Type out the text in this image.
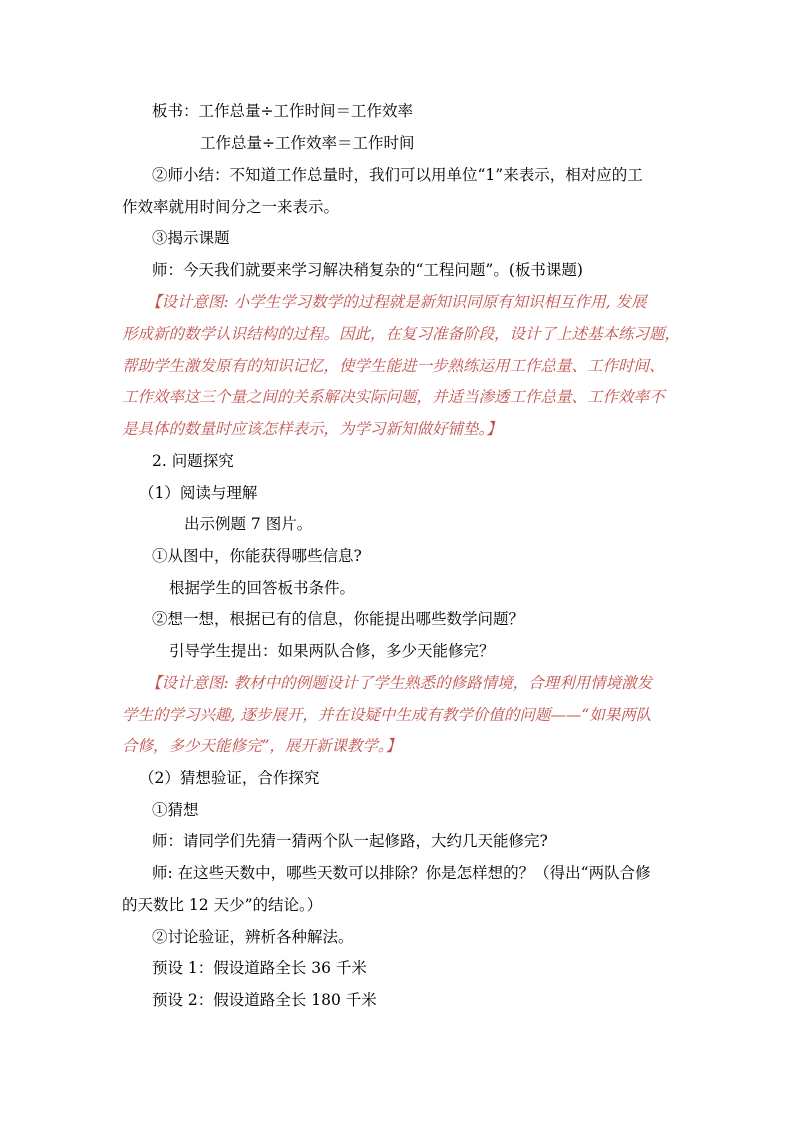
板书：工作总量÷工作时间＝工作效率
工作总量÷工作效率＝工作时间
②师小结：不知道工作总量时，我们可以用单位“1”来表示，相对应的工
作效率就用时间分之一来表示。
③揭示课题
师：今天我们就要来学习解决稍复杂的“工程问题”。(板书课题)
【设计意图: 小学生学习数学的过程就是新知识同原有知识相互作用, 发展
形成新的数学认识结构的过程。因此，在复习准备阶段，设计了上述基本练习题，
帮助学生激发原有的知识记忆，使学生能进一步熟练运用工作总量、工作时间、
工作效率这三个量之间的关系解决实际问题，并适当渗透工作总量、工作效率不
是具体的数量时应该怎样表示，为学习新知做好铺垫。】
2. 问题探究
（1）阅读与理解
出示例题 7 图片。
①从图中，你能获得哪些信息?
根据学生的回答板书条件。
②想一想，根据已有的信息，你能提出哪些数学问题？
引导学生提出：如果两队合修，多少天能修完？
【设计意图: 教材中的例题设计了学生熟悉的修路情境，合理利用情境激发
学生的学习兴趣, 逐步展开，并在设疑中生成有教学价值的问题——“如果两队
合修，多少天能修完”，展开新课教学。】
（2）猜想验证，合作探究
①猜想
师：请同学们先猜一猜两个队一起修路，大约几天能修完?
师: 在这些天数中，哪些天数可以排除？你是怎样想的？（得出“两队合修
的天数比 12 天少”的结论。）
②讨论验证，辨析各种解法。
预设 1：假设道路全长 36 千米
预设 2：假设道路全长 180 千米
